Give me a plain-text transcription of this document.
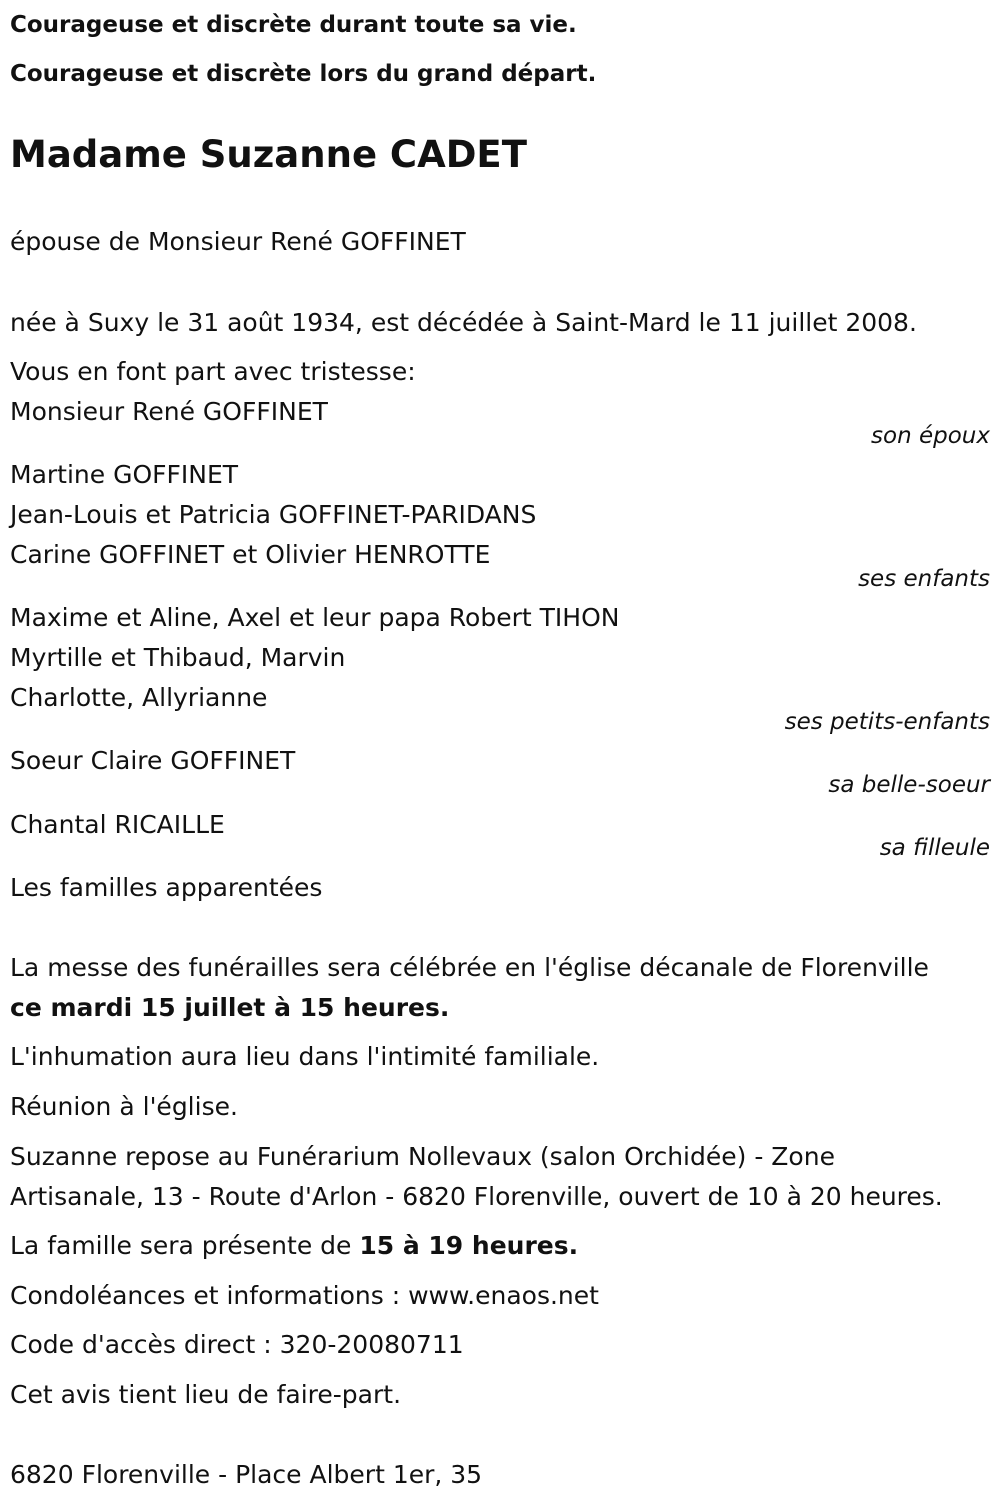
Courageuse et discrète durant toute sa vie.
Courageuse et discrète lors du grand départ.
Madame Suzanne CADET
épouse de Monsieur René GOFFINET
née à Suxy le 31 août 1934, est décédée à Saint-Mard le 11 juillet 2008.
Vous en font part avec tristesse:
Monsieur René GOFFINET
son époux
Martine GOFFINET
Jean-Louis et Patricia GOFFINET-PARIDANS
Carine GOFFINET et Olivier HENROTTE
ses enfants
Maxime et Aline, Axel et leur papa Robert TIHON
Myrtille et Thibaud, Marvin
Charlotte, Allyrianne
ses petits-enfants
Soeur Claire GOFFINET
sa belle-soeur
Chantal RICAILLE
sa filleule
Les familles apparentées
La messe des funérailles sera célébrée en l'église décanale de Florenville
ce mardi 15 juillet à 15 heures.
L'inhumation aura lieu dans l'intimité familiale.
Réunion à l'église.
Suzanne repose au Funérarium Nollevaux (salon Orchidée) - Zone
Artisanale, 13 - Route d'Arlon - 6820 Florenville, ouvert de 10 à 20 heures.
La famille sera présente de 15 à 19 heures.
Condoléances et informations : www.enaos.net
Code d'accès direct : 320-20080711
Cet avis tient lieu de faire-part.
6820 Florenville - Place Albert 1er, 35
